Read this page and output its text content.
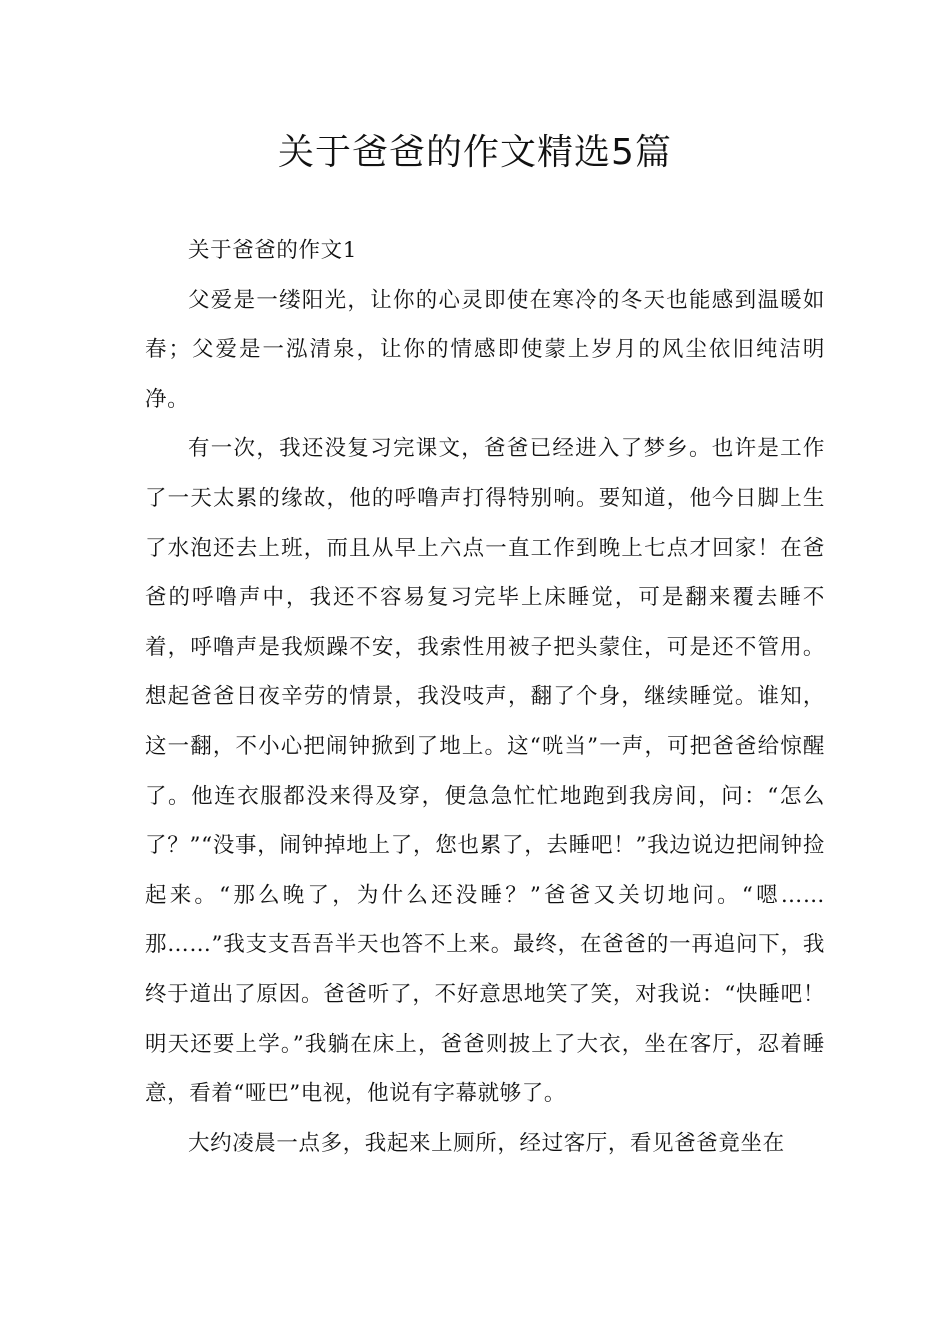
关于爸爸的作文精选5篇

关于爸爸的作文1

父爱是一缕阳光，让你的心灵即使在寒冷的冬天也能感到温暖如春；父爱是一泓清泉，让你的情感即使蒙上岁月的风尘依旧纯洁明净。

有一次，我还没复习完课文，爸爸已经进入了梦乡。也许是工作了一天太累的缘故，他的呼噜声打得特别响。要知道，他今日脚上生了水泡还去上班，而且从早上六点一直工作到晚上七点才回家！在爸爸的呼噜声中，我还不容易复习完毕上床睡觉，可是翻来覆去睡不着，呼噜声是我烦躁不安，我索性用被子把头蒙住，可是还不管用。想起爸爸日夜辛劳的情景，我没吱声，翻了个身，继续睡觉。谁知，这一翻，不小心把闹钟掀到了地上。这“咣当”一声，可把爸爸给惊醒了。他连衣服都没来得及穿，便急急忙忙地跑到我房间，问：“怎么了？”“没事，闹钟掉地上了，您也累了，去睡吧！”我边说边把闹钟捡起来。“那么晚了，为什么还没睡？”爸爸又关切地问。“嗯……那……”我支支吾吾半天也答不上来。最终，在爸爸的一再追问下，我终于道出了原因。爸爸听了，不好意思地笑了笑，对我说：“快睡吧！明天还要上学。”我躺在床上，爸爸则披上了大衣，坐在客厅，忍着睡意，看着“哑巴”电视，他说有字幕就够了。

大约凌晨一点多，我起来上厕所，经过客厅，看见爸爸竟坐在
